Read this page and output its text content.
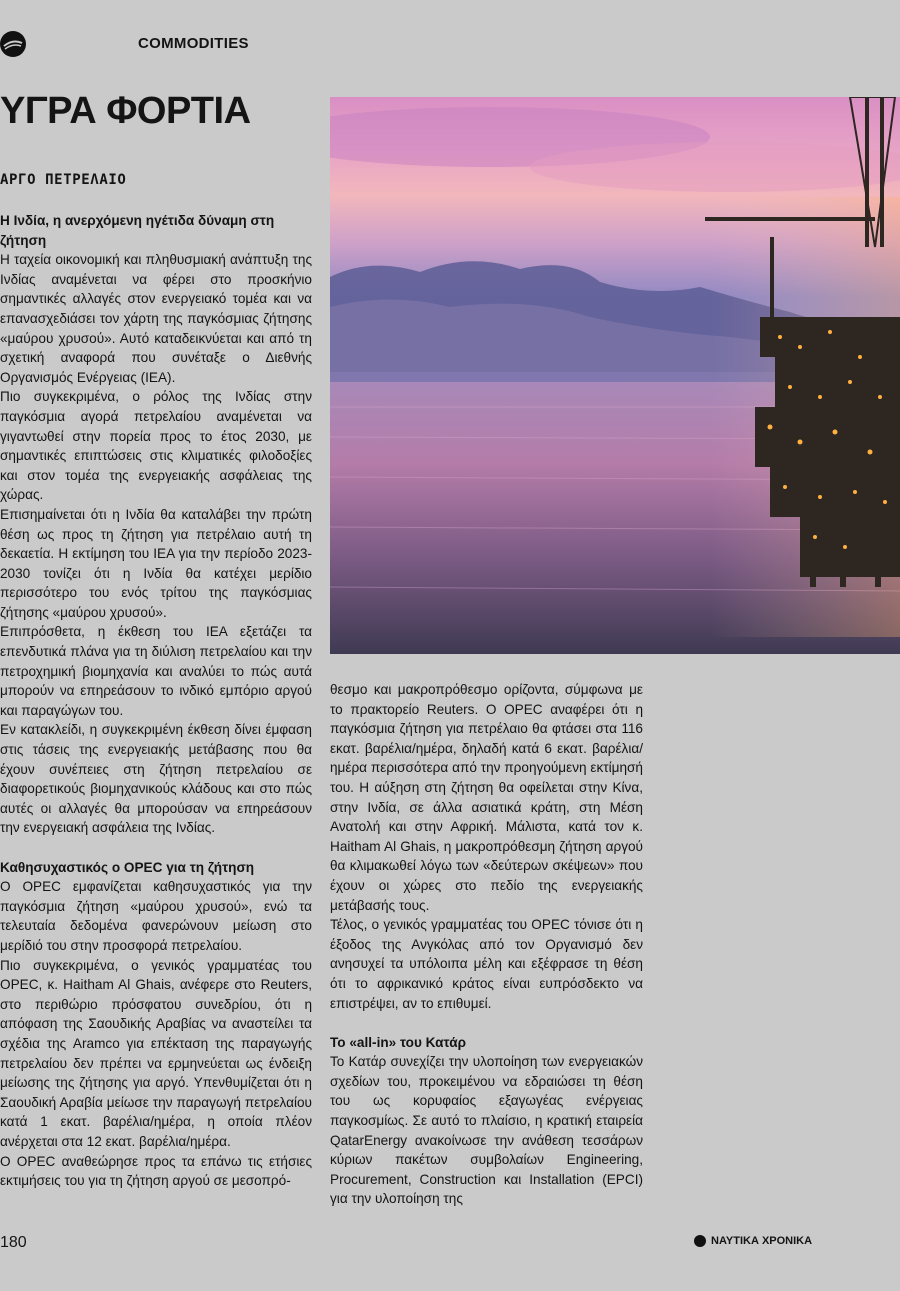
COMMODITIES
ΥΓΡΑ ΦΟΡΤΙΑ
ΑΡΓΟ ΠΕΤΡΕΛΑΙΟ
Η Ινδία, η ανερχόμενη ηγέτιδα δύναμη στη ζήτηση

Η ταχεία οικονομική και πληθυσμιακή ανάπτυξη της Ινδίας αναμένεται να φέρει στο προσκήνιο σημαντικές αλλαγές στον ενεργειακό τομέα και να επανασχεδιάσει τον χάρτη της παγκόσμιας ζήτησης «μαύρου χρυσού». Αυτό καταδεικνύεται και από τη σχετική αναφορά που συνέταξε ο Διεθνής Οργανισμός Ενέργειας (IEA).

Πιο συγκεκριμένα, ο ρόλος της Ινδίας στην παγκόσμια αγορά πετρελαίου αναμένεται να γιγαντωθεί στην πορεία προς το έτος 2030, με σημαντικές επιπτώσεις στις κλιματικές φιλοδοξίες και στον τομέα της ενεργειακής ασφάλειας της χώρας.

Επισημαίνεται ότι η Ινδία θα καταλάβει την πρώτη θέση ως προς τη ζήτηση για πετρέλαιο αυτή τη δεκαετία. Η εκτίμηση του IEA για την περίοδο 2023-2030 τονίζει ότι η Ινδία θα κατέχει μερίδιο περισσότερο του ενός τρίτου της παγκόσμιας ζήτησης «μαύρου χρυσού».

Επιπρόσθετα, η έκθεση του IEA εξετάζει τα επενδυτικά πλάνα για τη διύλιση πετρελαίου και την πετροχημική βιομηχανία και αναλύει το πώς αυτά μπορούν να επηρεάσουν το ινδικό εμπόριο αργού και παραγώγων του.

Εν κατακλείδι, η συγκεκριμένη έκθεση δίνει έμφαση στις τάσεις της ενεργειακής μετάβασης που θα έχουν συνέπειες στη ζήτηση πετρελαίου σε διαφορετικούς βιομηχανικούς κλάδους και στο πώς αυτές οι αλλαγές θα μπορούσαν να επηρεάσουν την ενεργειακή ασφάλεια της Ινδίας.

Καθησυχαστικός ο OPEC για τη ζήτηση

Ο OPEC εμφανίζεται καθησυχαστικός για την παγκόσμια ζήτηση «μαύρου χρυσού», ενώ τα τελευταία δεδομένα φανερώνουν μείωση στο μερίδιό του στην προσφορά πετρελαίου.

Πιο συγκεκριμένα, ο γενικός γραμματέας του OPEC, κ. Haitham Al Ghais, ανέφερε στο Reuters, στο περιθώριο πρόσφατου συνεδρίου, ότι η απόφαση της Σαουδικής Αραβίας να αναστείλει τα σχέδια της Aramco για επέκταση της παραγωγής πετρελαίου δεν πρέπει να ερμηνεύεται ως ένδειξη μείωσης της ζήτησης για αργό. Υπενθυμίζεται ότι η Σαουδική Αραβία μείωσε την παραγωγή πετρελαίου κατά 1 εκατ. βαρέλια/ημέρα, η οποία πλέον ανέρχεται στα 12 εκατ. βαρέλια/ημέρα.

Ο OPEC αναθεώρησε προς τα επάνω τις ετήσιες εκτιμήσεις του για τη ζήτηση αργού σε μεσοπρό-

θεσμο και μακροπρόθεσμο ορίζοντα, σύμφωνα με το πρακτορείο Reuters. Ο OPEC αναφέρει ότι η παγκόσμια ζήτηση για πετρέλαιο θα φτάσει στα 116 εκατ. βαρέλια/ημέρα, δηλαδή κατά 6 εκατ. βαρέλια/ημέρα περισσότερα από την προηγούμενη εκτίμησή του. Η αύξηση στη ζήτηση θα οφείλεται στην Κίνα, στην Ινδία, σε άλλα ασιατικά κράτη, στη Μέση Ανατολή και στην Αφρική. Μάλιστα, κατά τον κ. Haitham Al Ghais, η μακροπρόθεσμη ζήτηση αργού θα κλιμακωθεί λόγω των «δεύτερων σκέψεων» που έχουν οι χώρες στο πεδίο της ενεργειακής μετάβασής τους.

Τέλος, ο γενικός γραμματέας του OPEC τόνισε ότι η έξοδος της Ανγκόλας από τον Οργανισμό δεν ανησυχεί τα υπόλοιπα μέλη και εξέφρασε τη θέση ότι το αφρικανικό κράτος είναι ευπρόσδεκτο να επιστρέψει, αν το επιθυμεί.

Το «all-in» του Κατάρ

Το Κατάρ συνεχίζει την υλοποίηση των ενεργειακών σχεδίων του, προκειμένου να εδραιώσει τη θέση του ως κορυφαίος εξαγωγέας ενέργειας παγκοσμίως. Σε αυτό το πλαίσιο, η κρατική εταιρεία QatarEnergy ανακοίνωσε την ανάθεση τεσσάρων κύριων πακέτων συμβολαίων Engineering, Procurement, Construction και Installation (EPCI) για την υλοποίηση της

180	ΝΑΥΤΙΚΑ ΧΡΟΝΙΚΑ
